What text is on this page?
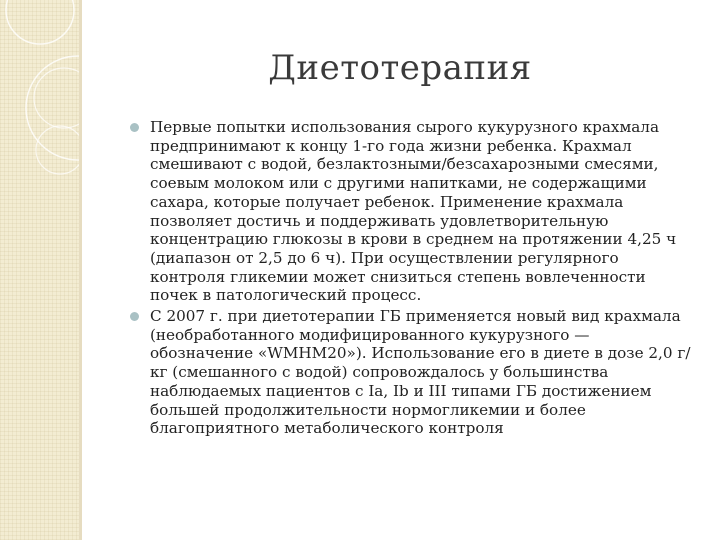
Диетотерапия
Первые попытки использования сырого кукурузного крахмала предпринимают к концу 1-го года жизни ребенка. Крахмал смешивают с водой, безлактозными/безсахарозными смесями, соевым молоком или с другими напитками, не содержащими сахара, которые получает ребенок. Применение крахмала позволяет достичь и поддерживать удовлетворительную концентрацию глюкозы в крови в среднем на протяжении 4,25 ч (диапазон от 2,5 до 6 ч). При осуществлении регулярного контроля гликемии может снизиться степень вовлеченности почек в патологический процесс.
С 2007 г. при диетотерапии ГБ применяется новый вид крахмала (необработанного модифицированного кукурузного — обозначение «WMHM20»). Использование его в диете в дозе 2,0 г/кг (смешанного с водой) сопровождалось у большинства наблюдаемых пациентов с Ia, Ib и III типами ГБ достижением большей продолжительности нормогликемии и более благоприятного метаболического контроля
